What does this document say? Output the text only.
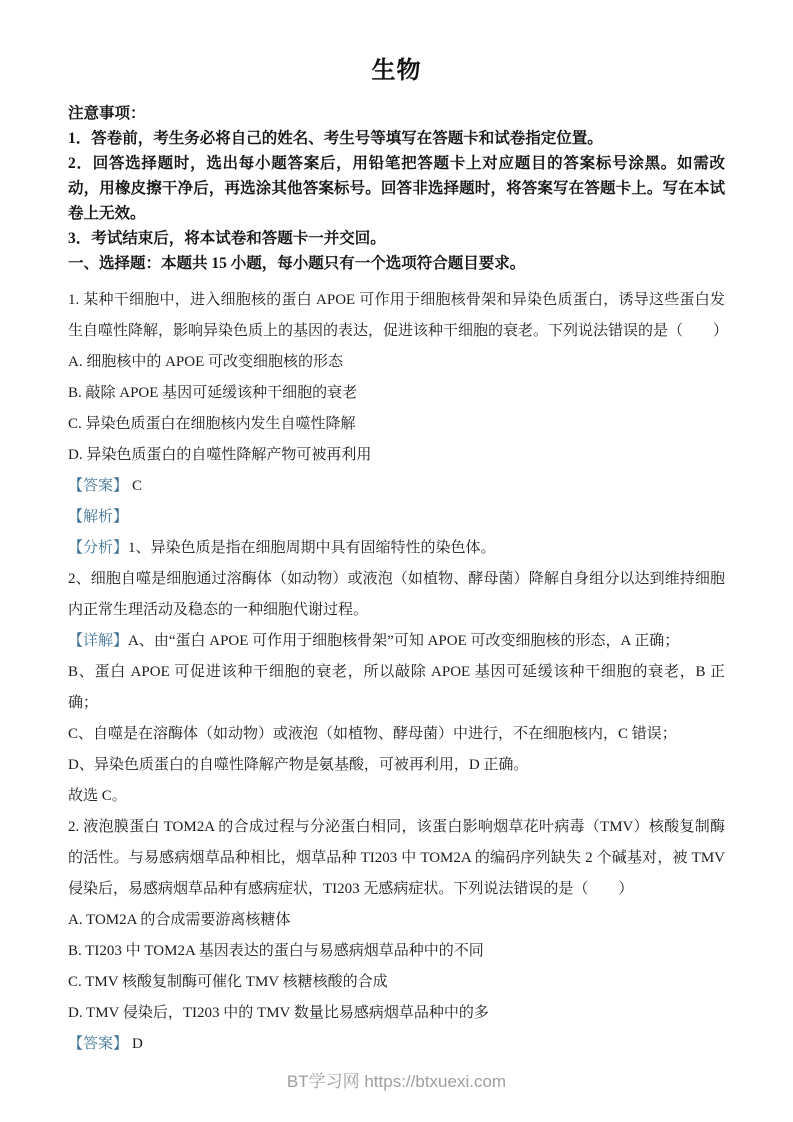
生物

注意事项：

1．答卷前，考生务必将自己的姓名、考生号等填写在答题卡和试卷指定位置。

2．回答选择题时，选出每小题答案后，用铅笔把答题卡上对应题目的答案标号涂黑。如需改动，用橡皮擦干净后，再选涂其他答案标号。回答非选择题时，将答案写在答题卡上。写在本试卷上无效。

3．考试结束后，将本试卷和答题卡一并交回。

一、选择题：本题共 15 小题，每小题只有一个选项符合题目要求。

1. 某种干细胞中，进入细胞核的蛋白 APOE 可作用于细胞核骨架和异染色质蛋白，诱导这些蛋白发生自噬性降解，影响异染色质上的基因的表达，促进该种干细胞的衰老。下列说法错误的是（　　）

A. 细胞核中的 APOE 可改变细胞核的形态

B. 敲除 APOE 基因可延缓该种干细胞的衰老

C. 异染色质蛋白在细胞核内发生自噬性降解

D. 异染色质蛋白的自噬性降解产物可被再利用

【答案】 C

【解析】

【分析】1、异染色质是指在细胞周期中具有固缩特性的染色体。

2、细胞自噬是细胞通过溶酶体（如动物）或液泡（如植物、酵母菌）降解自身组分以达到维持细胞内正常生理活动及稳态的一种细胞代谢过程。

【详解】A、由“蛋白 APOE 可作用于细胞核骨架”可知 APOE 可改变细胞核的形态，A 正确；

B、蛋白 APOE 可促进该种干细胞的衰老，所以敲除 APOE 基因可延缓该种干细胞的衰老，B 正确；

C、自噬是在溶酶体（如动物）或液泡（如植物、酵母菌）中进行，不在细胞核内，C 错误；

D、异染色质蛋白的自噬性降解产物是氨基酸，可被再利用，D 正确。

故选 C。

2. 液泡膜蛋白 TOM2A 的合成过程与分泌蛋白相同，该蛋白影响烟草花叶病毒（TMV）核酸复制酶的活性。与易感病烟草品种相比，烟草品种 TI203 中 TOM2A 的编码序列缺失 2 个碱基对，被 TMV 侵染后，易感病烟草品种有感病症状，TI203 无感病症状。下列说法错误的是（　　）

A. TOM2A 的合成需要游离核糖体

B. TI203 中 TOM2A 基因表达的蛋白与易感病烟草品种中的不同

C. TMV 核酸复制酶可催化 TMV 核糖核酸的合成

D. TMV 侵染后，TI203 中的 TMV 数量比易感病烟草品种中的多

【答案】 D

BT学习网 https://btxuexi.com
